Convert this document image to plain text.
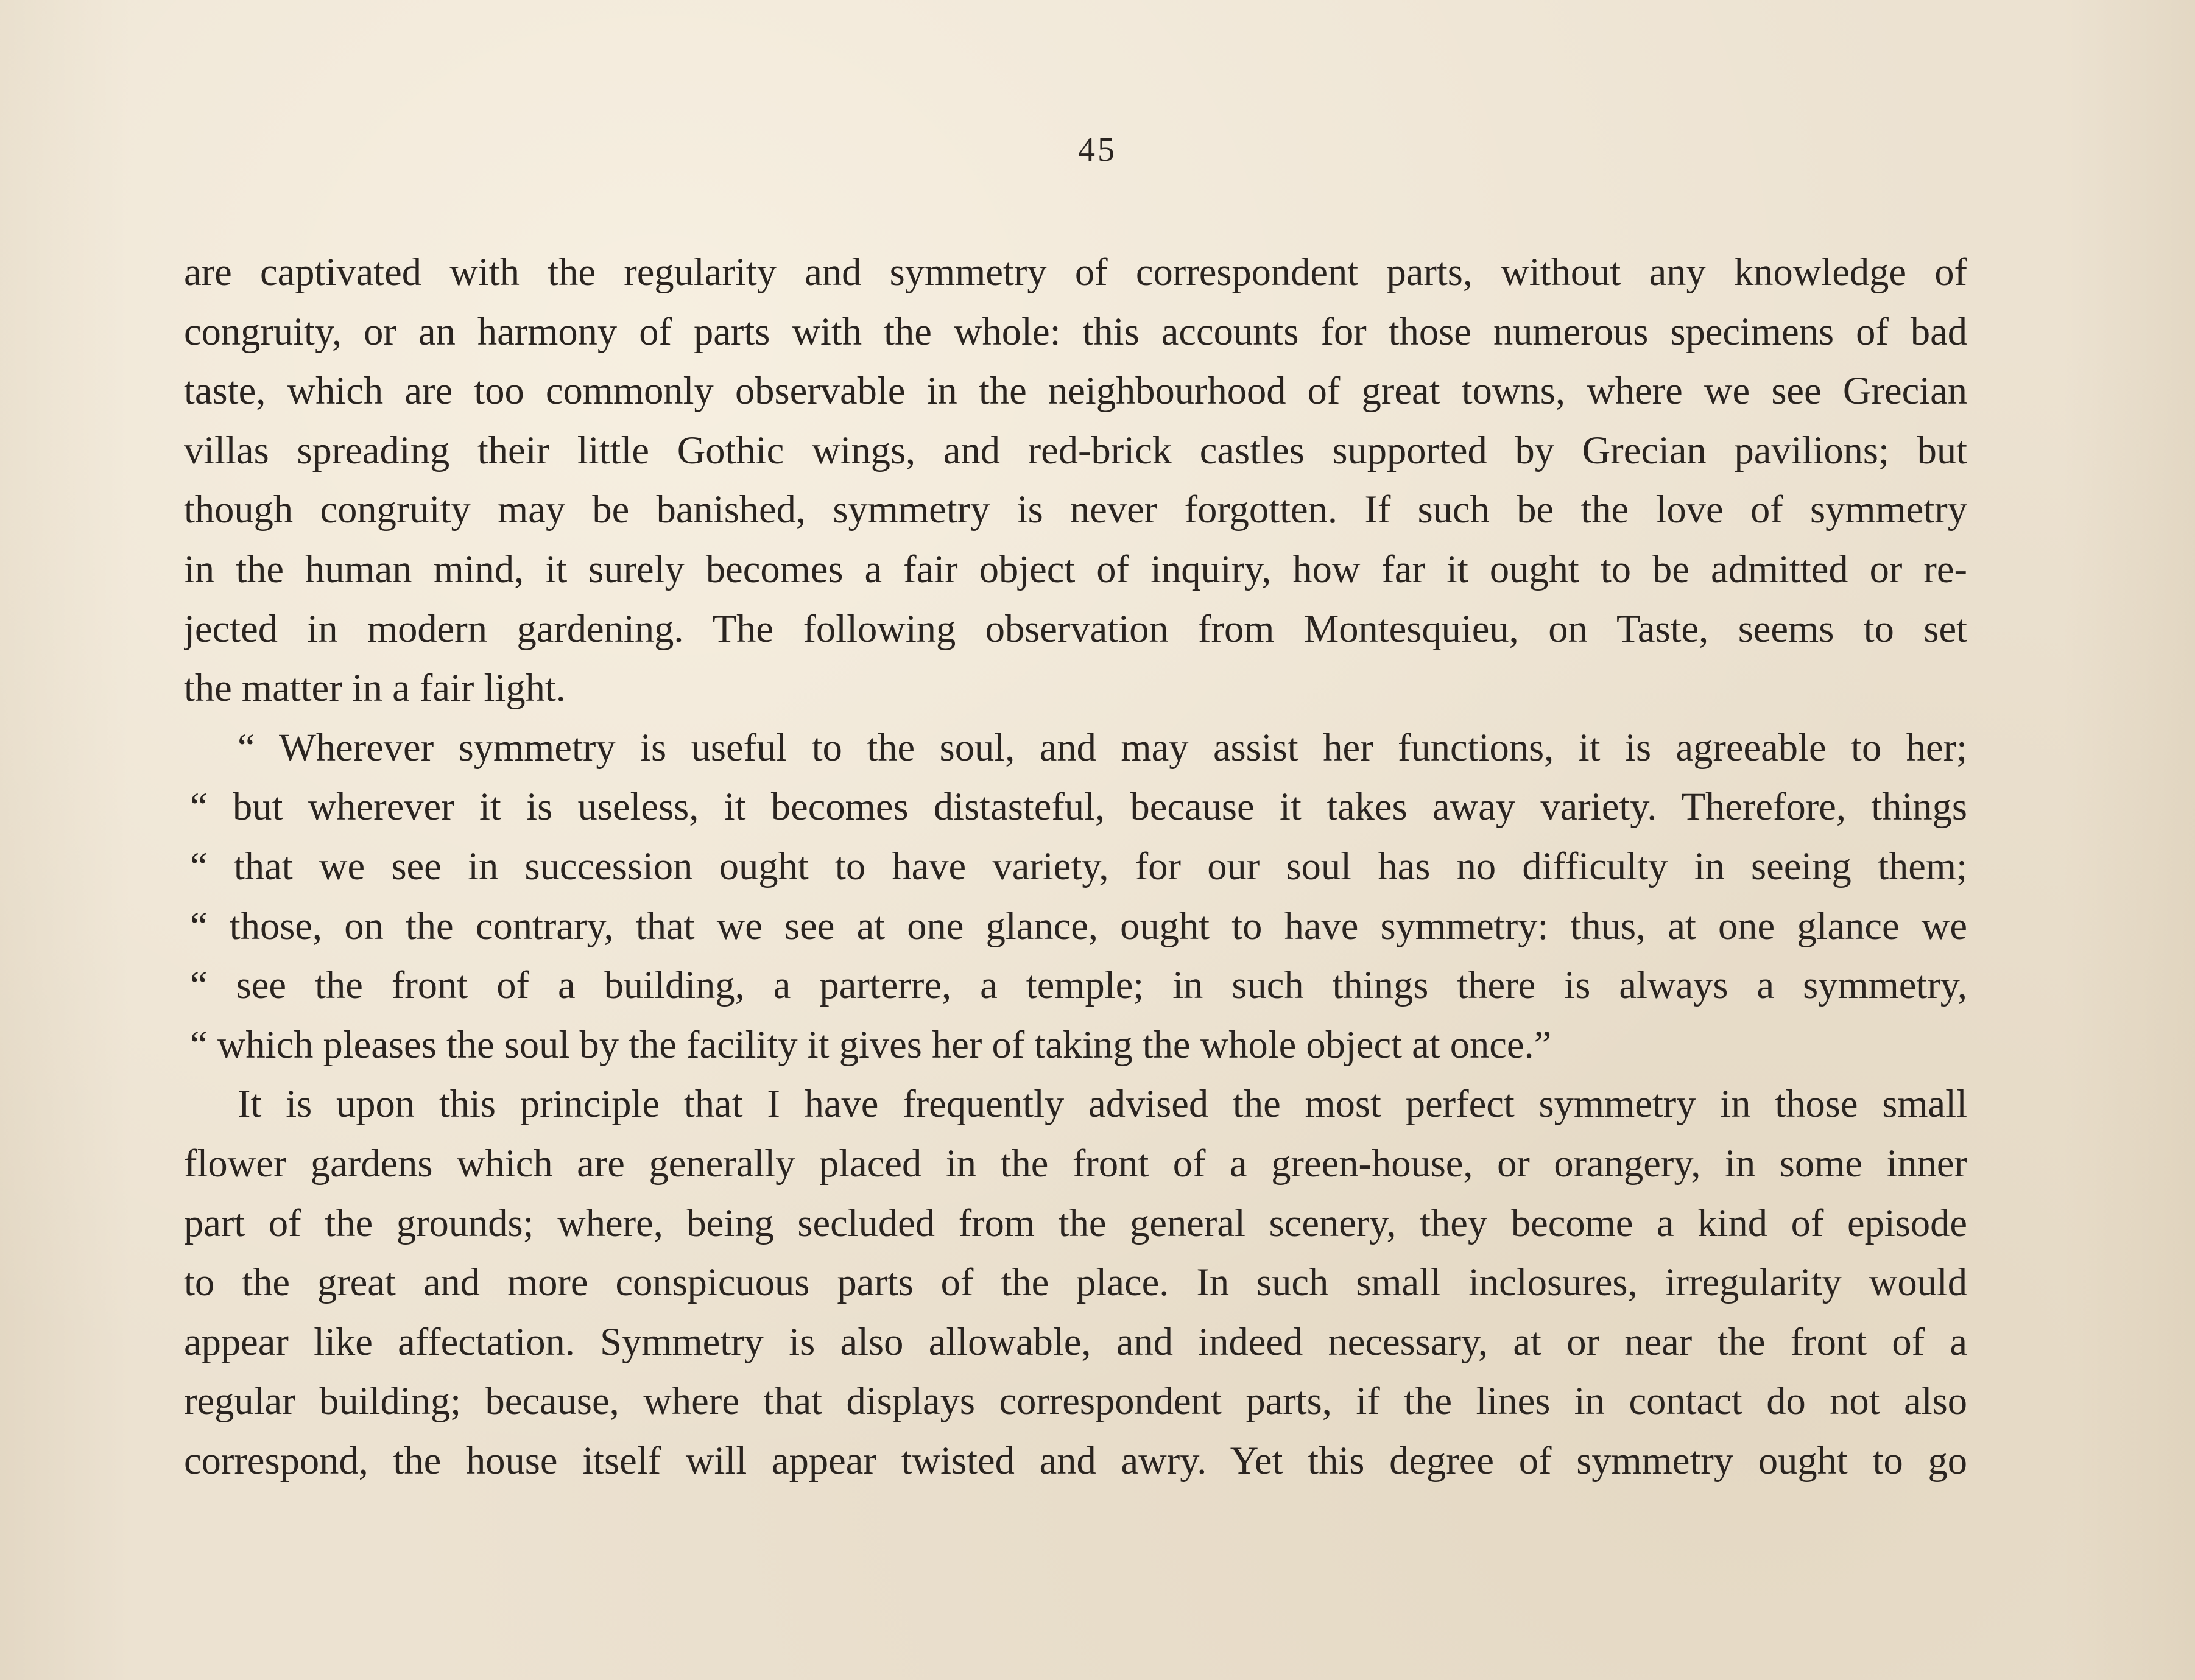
45
are captivated with the regularity and symmetry of correspondent parts, without any knowledge of
congruity, or an harmony of parts with the whole: this accounts for those numerous specimens of bad
taste, which are too commonly observable in the neighbourhood of great towns, where we see Grecian
villas spreading their little Gothic wings, and red-brick castles supported by Grecian pavilions; but
though congruity may be banished, symmetry is never forgotten. If such be the love of symmetry
in the human mind, it surely becomes a fair object of inquiry, how far it ought to be admitted or re-
jected in modern gardening. The following observation from Montesquieu, on Taste, seems to set
the matter in a fair light.
“ Wherever symmetry is useful to the soul, and may assist her functions, it is agreeable to her;
“ but wherever it is useless, it becomes distasteful, because it takes away variety. Therefore, things
“ that we see in succession ought to have variety, for our soul has no difficulty in seeing them;
“ those, on the contrary, that we see at one glance, ought to have symmetry: thus, at one glance we
“ see the front of a building, a parterre, a temple; in such things there is always a symmetry,
“ which pleases the soul by the facility it gives her of taking the whole object at once.”
It is upon this principle that I have frequently advised the most perfect symmetry in those small
flower gardens which are generally placed in the front of a green-house, or orangery, in some inner
part of the grounds; where, being secluded from the general scenery, they become a kind of episode
to the great and more conspicuous parts of the place. In such small inclosures, irregularity would
appear like affectation. Symmetry is also allowable, and indeed necessary, at or near the front of a
regular building; because, where that displays correspondent parts, if the lines in contact do not also
correspond, the house itself will appear twisted and awry. Yet this degree of symmetry ought to go
